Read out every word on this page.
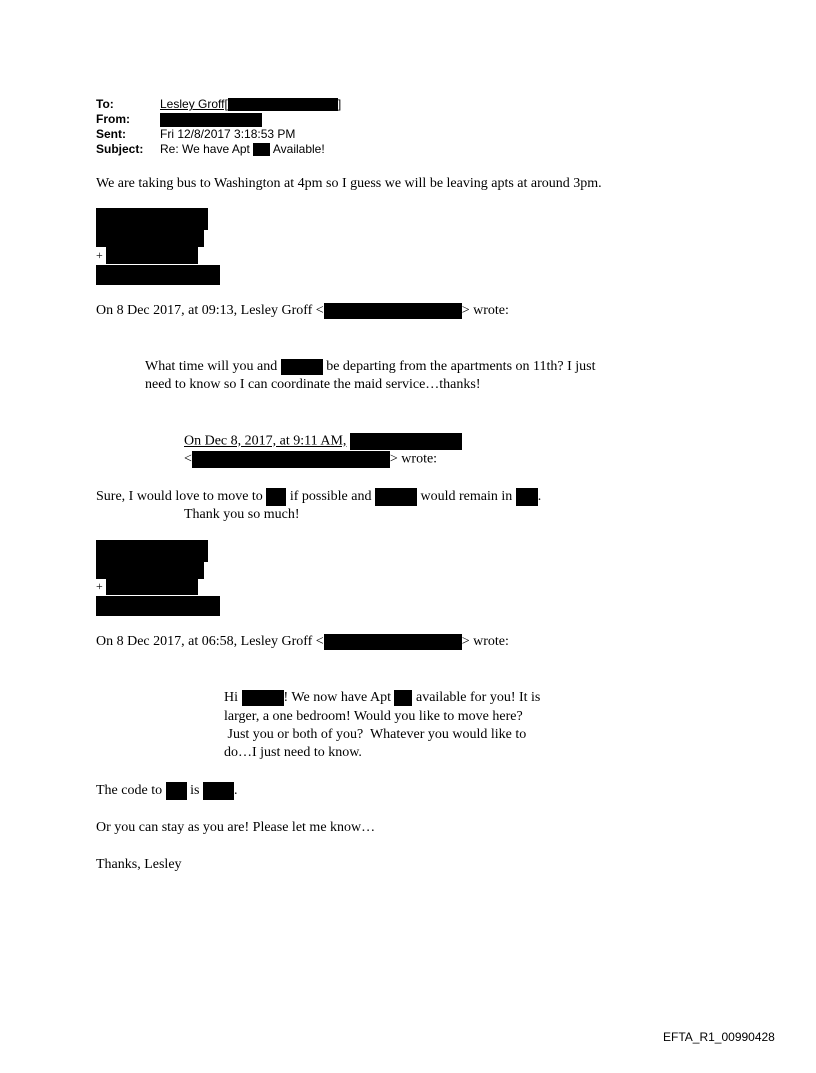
To:	Lesley Groff[	]
From:
Sent:	Fri 12/8/2017 3:18:53 PM
Subject: Re: We have Apt Available!
We are taking bus to Washington at 4pm so I guess we will be leaving apts at around 3pm.
+
On 8 Dec 2017, at 09:13, Lesley Groff <	> wrote:
What time will you and	be departing from the apartments on 11th? I just
need to know so I can coordinate the maid service…thanks!
On Dec 8, 2017, at 9:11 AM,
<	> wrote:
Sure, I would love to move to if possible and	would remain in .
Thank you so much!
+
On 8 Dec 2017, at 06:58, Lesley Groff <	> wrote:
Hi	! We now have Apt available for you! It is
larger, a one bedroom! Would you like to move here?
Just you or both of you?  Whatever you would like to
do…I just need to know.
The code to is .
Or you can stay as you are! Please let me know…
Thanks, Lesley
EFTA_R1_00990428
